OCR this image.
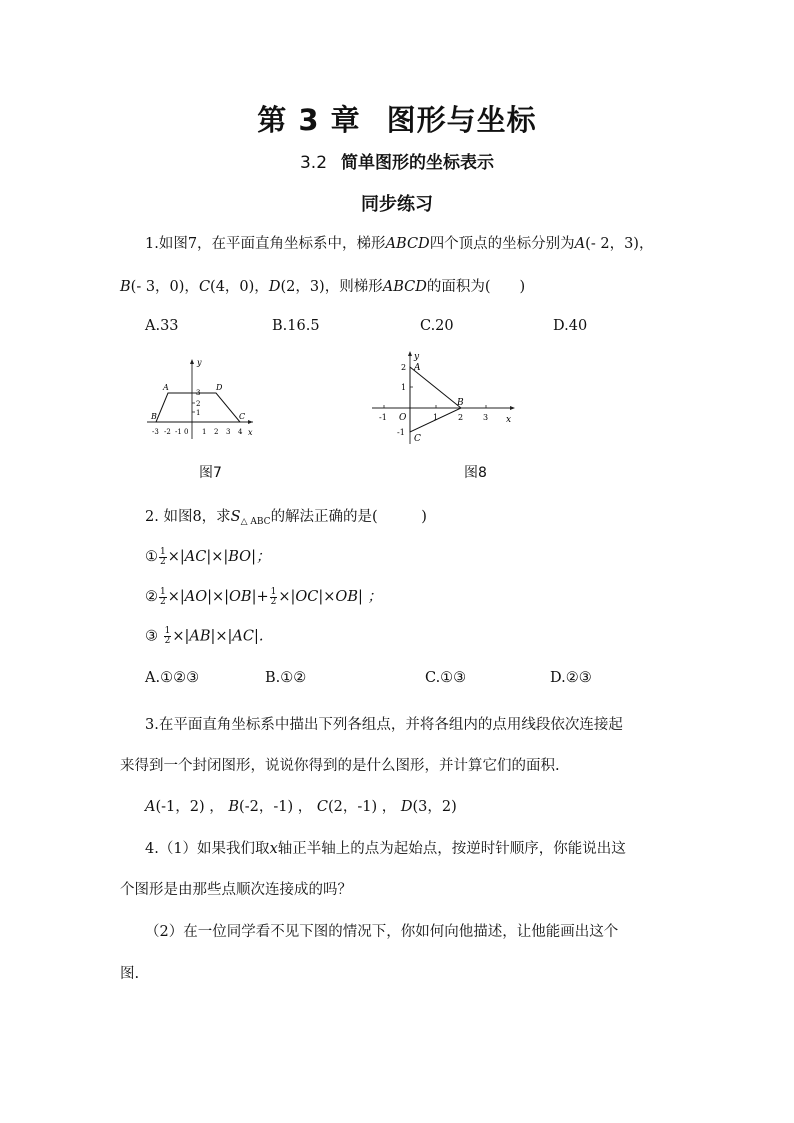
第 3 章 图形与坐标
3.2 简单图形的坐标表示
同步练习
1.如图7，在平面直角坐标系中，梯形ABCD四个顶点的坐标分别为A(- 2，3)，
B(- 3，0)，C(4，0)，D(2，3)，则梯形ABCD的面积为(　　)
A.33	B.16.5	C.20	D.40
y
x
A
B	C
D
3
2
1
-3 -2 -1 0 1 2 3 4
图7
y
x
O
A
B
C
2
1
-1
-1	1 2 3
图8
2. 如图8，求$S_{\triangle ABC}$的解法正确的是(　　　)
① $\frac{1}{2} \times|AC|\times|BO|$；
② $\frac{1}{2} \times|AO|\times|OB|+ \frac{1}{2} \times|OC|\times OB|$ ；
③ $\frac{1}{2} \times|AB|\times|AC|$.
A.①②③	B.①②	C.①③	D.②③
3.在平面直角坐标系中描出下列各组点，并将各组内的点用线段依次连接起
来得到一个封闭图形，说说你得到的是什么图形，并计算它们的面积.
A(-1，2) ， B(-2，-1) ， C(2，-1) ， D(3，2)
4.（1）如果我们取x轴正半轴上的点为起始点，按逆时针顺序，你能说出这
个图形是由那些点顺次连接成的吗？
（2）在一位同学看不见下图的情况下，你如何向他描述，让他能画出这个
图.
